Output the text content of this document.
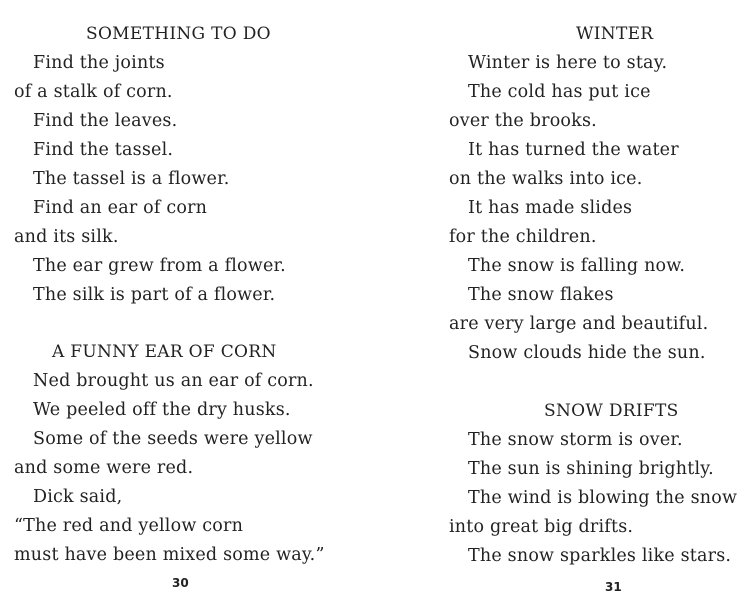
SOMETHING TO DO
Find the joints
of a stalk of corn.
Find the leaves.
Find the tassel.
The tassel is a flower.
Find an ear of corn
and its silk.
The ear grew from a flower.
The silk is part of a flower.
A FUNNY EAR OF CORN
Ned brought us an ear of corn.
We peeled off the dry husks.
Some of the seeds were yellow
and some were red.
Dick said,
“The red and yellow corn
must have been mixed some way.”
30
WINTER
Winter is here to stay.
The cold has put ice
over the brooks.
It has turned the water
on the walks into ice.
It has made slides
for the children.
The snow is falling now.
The snow flakes
are very large and beautiful.
Snow clouds hide the sun.
SNOW DRIFTS
The snow storm is over.
The sun is shining brightly.
The wind is blowing the snow
into great big drifts.
The snow sparkles like stars.
31
